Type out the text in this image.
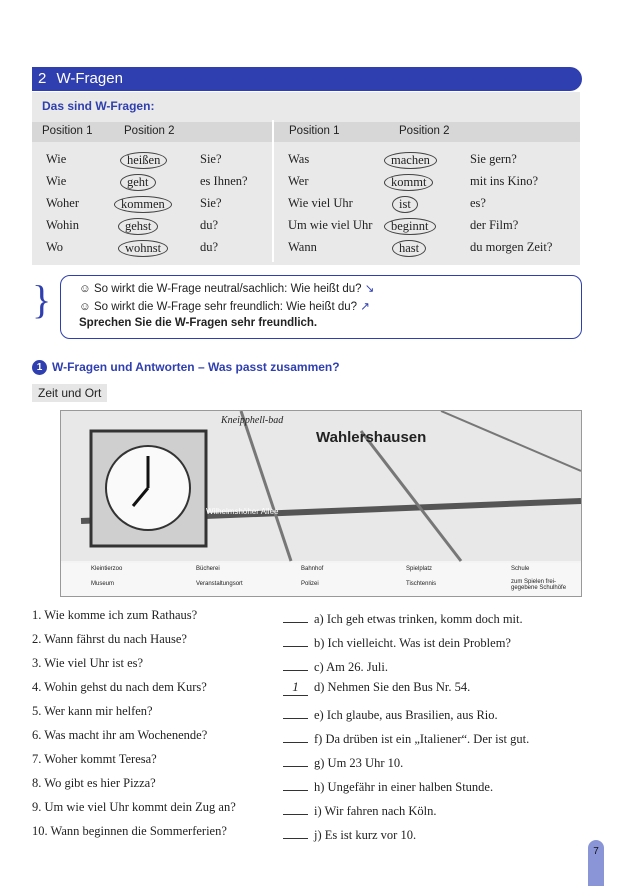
2 W-Fragen
Das sind W-Fragen:
Position 1	Position 2	Position 1	Position 2
Wie	heißen	Sie?
Wie	geht	es Ihnen?
Woher	kommen	Sie?
Wohin	gehst	du?
Wo	wohnst	du?
Was	machen	Sie gern?
Wer	kommt	mit ins Kino?
Wie viel Uhr	ist	es?
Um wie viel Uhr	beginnt	der Film?
Wann	hast	du morgen Zeit?
} ☺ So wirkt die W-Frage neutral/sachlich: Wie heißt du? ↘
☺ So wirkt die W-Frage sehr freundlich: Wie heißt du? ↗
Sprechen Sie die W-Fragen sehr freundlich.
1 W-Fragen und Antworten – Was passt zusammen?
Zeit und Ort
Kneipphell-bad
Wahlershausen
Wilhelmshöher Allee
Kleintierzoo	Bücherei	Bahnhof	Spielplatz	Schule
Museum	Veranstaltungsort	Polizei	Tischtennis	zum Spielen frei-gegebene Schulhöfe
1. Wie komme ich zum Rathaus?
2. Wann fährst du nach Hause?
3. Wie viel Uhr ist es?
4. Wohin gehst du nach dem Kurs?
5. Wer kann mir helfen?
6. Was macht ihr am Wochenende?
7. Woher kommt Teresa?
8. Wo gibt es hier Pizza?
9. Um wie viel Uhr kommt dein Zug an?
10. Wann beginnen die Sommerferien?
a) Ich geh etwas trinken, komm doch mit.
b) Ich vielleicht. Was ist dein Problem?
c) Am 26. Juli.
1 d) Nehmen Sie den Bus Nr. 54.
e) Ich glaube, aus Brasilien, aus Rio.
f) Da drüben ist ein „Italiener“. Der ist gut.
g) Um 23 Uhr 10.
h) Ungefähr in einer halben Stunde.
i) Wir fahren nach Köln.
j) Es ist kurz vor 10.
7
